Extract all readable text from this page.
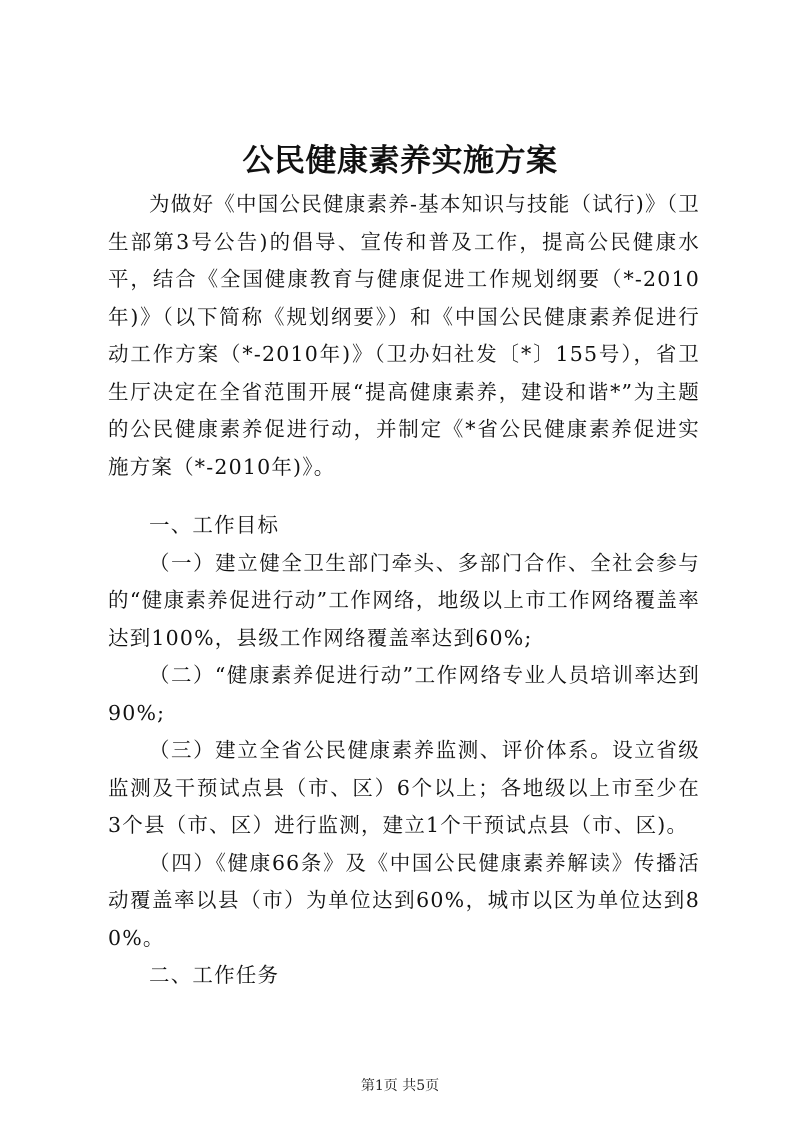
公民健康素养实施方案

为做好《中国公民健康素养-基本知识与技能（试行)》（卫生部第3号公告)的倡导、宣传和普及工作，提高公民健康水平，结合《全国健康教育与健康促进工作规划纲要（*-2010年)》（以下简称《规划纲要》）和《中国公民健康素养促进行动工作方案（*-2010年)》（卫办妇社发〔*〕155号），省卫生厅决定在全省范围开展“提高健康素养，建设和谐*”为主题的公民健康素养促进行动，并制定《*省公民健康素养促进实施方案（*-2010年)》。

一、工作目标

（一）建立健全卫生部门牵头、多部门合作、全社会参与的“健康素养促进行动”工作网络，地级以上市工作网络覆盖率达到100%，县级工作网络覆盖率达到60%;

（二）“健康素养促进行动”工作网络专业人员培训率达到90%;

（三）建立全省公民健康素养监测、评价体系。设立省级监测及干预试点县（市、区）6个以上；各地级以上市至少在3个县（市、区）进行监测，建立1个干预试点县（市、区)。

（四）《健康66条》及《中国公民健康素养解读》传播活动覆盖率以县（市）为单位达到60%，城市以区为单位达到80%。

二、工作任务

第1页 共5页
